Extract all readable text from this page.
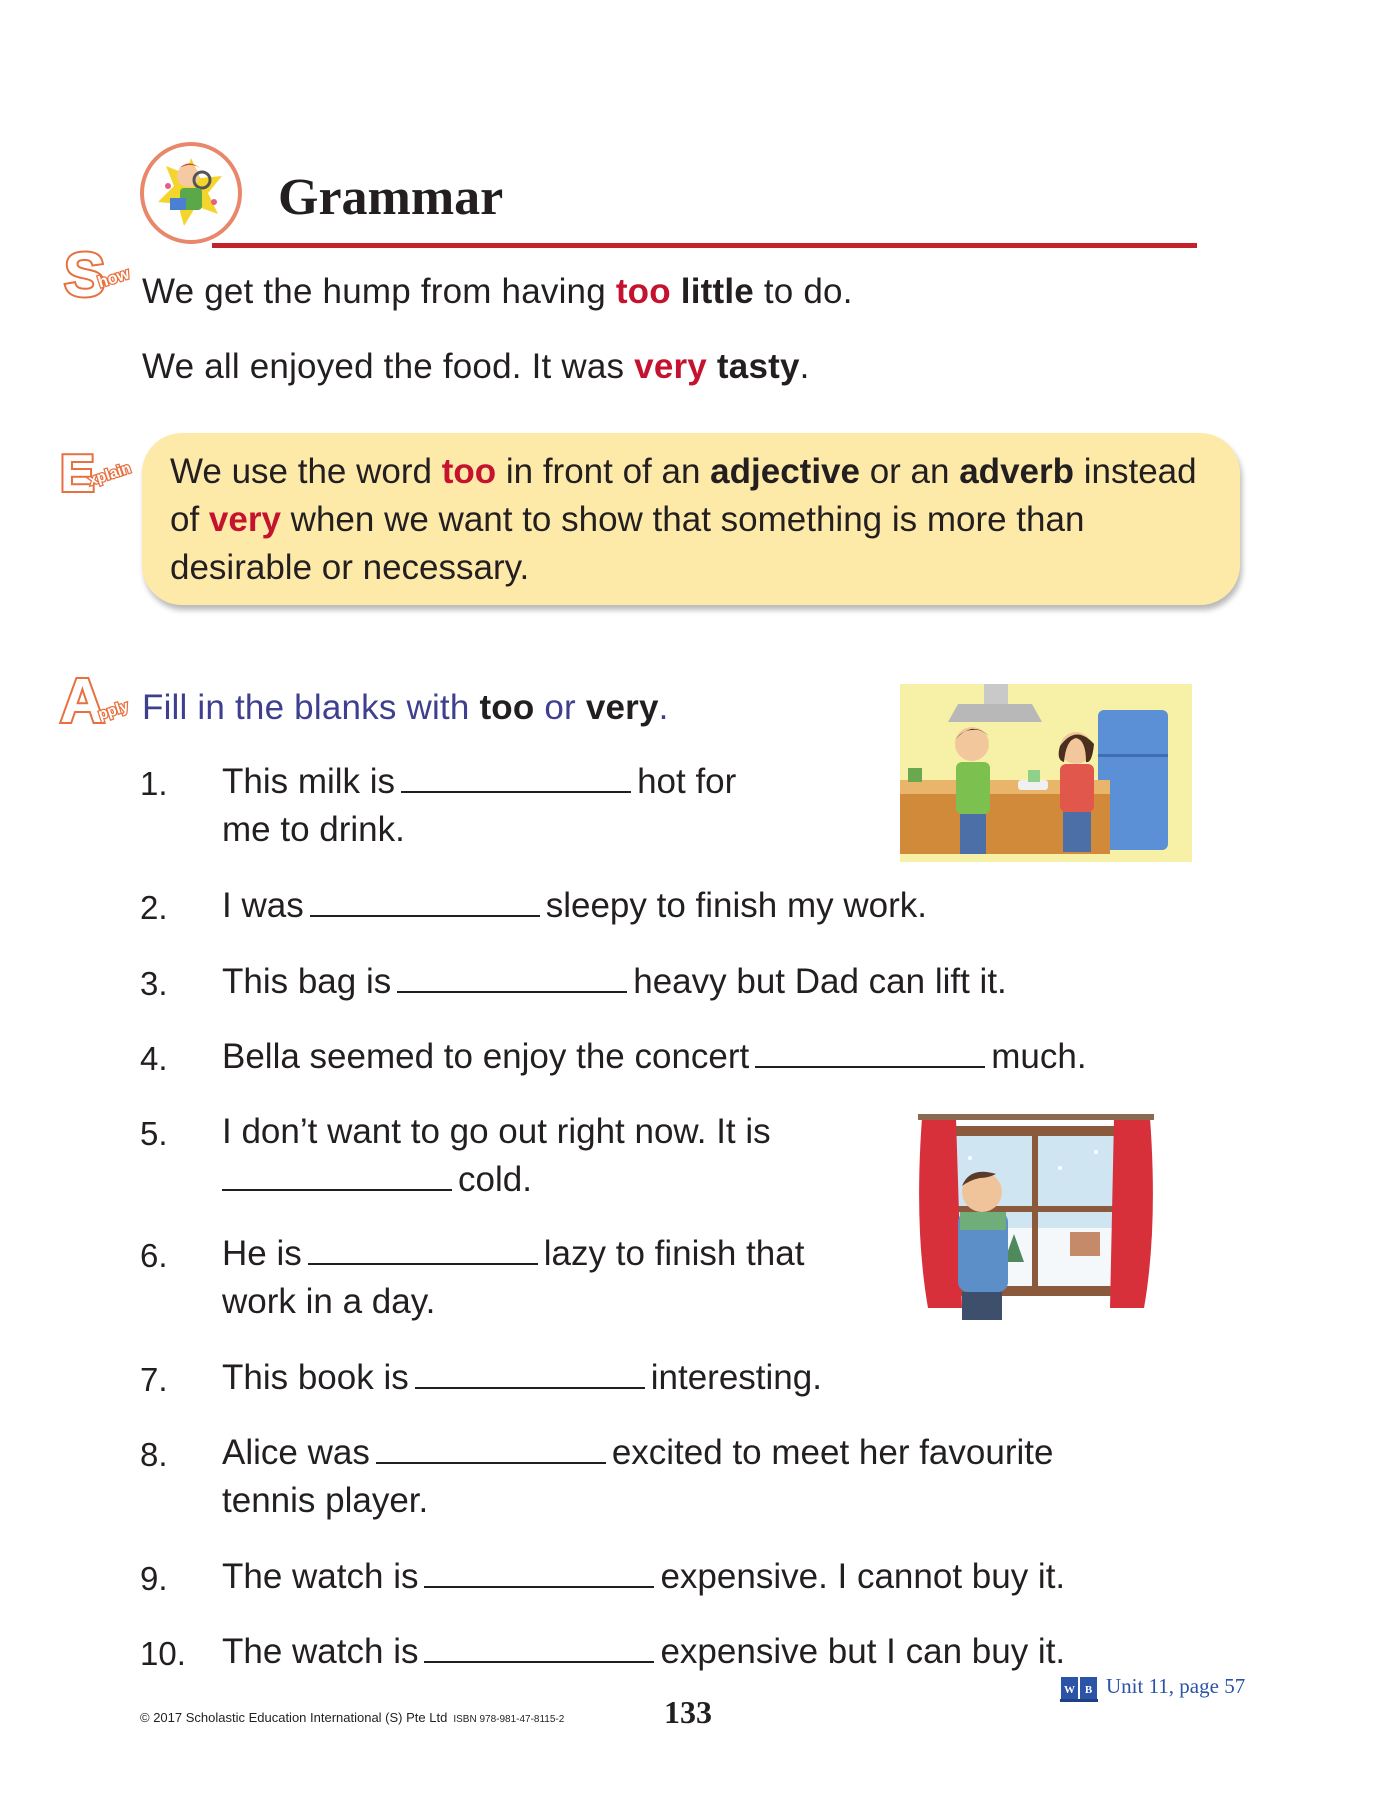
Grammar
S
how We get the hump from having too little to do.
We all enjoyed the food. It was very tasty.
E
xplain We use the word too in front of an adjective or an adverb instead of very when we want to show that something is more than desirable or necessary.
A
pply Fill in the blanks with too or very.
1.	This milk is	hot for
me to drink.
2.	I was	sleepy to finish my work.
3.	This bag is	heavy but Dad can lift it.
4.	Bella seemed to enjoy the concert	much.
5.	I don’t want to go out right now. It is
cold.
6.	He is	lazy to finish that
work in a day.
7.	This book is	interesting.
8.	Alice was	excited to meet her favourite
tennis player.
9.	The watch is	expensive. I cannot buy it.
10.	The watch is	expensive but I can buy it.
W B Unit 11, page 57
© 2017 Scholastic Education International (S) Pte Ltd ISBN 978-981-47-8115-2	133
